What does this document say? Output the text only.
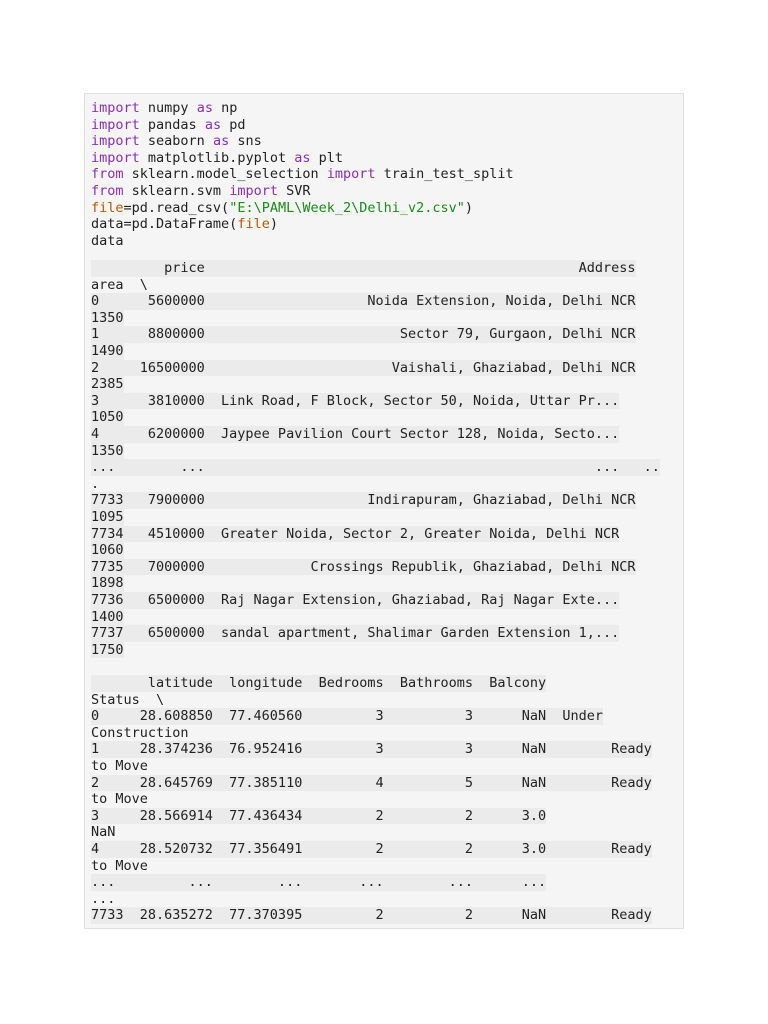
import numpy as np
import pandas as pd
import seaborn as sns
import matplotlib.pyplot as plt
from sklearn.model_selection import train_test_split
from sklearn.svm import SVR
file=pd.read_csv("E:\PAML\Week_2\Delhi_v2.csv")
data=pd.DataFrame(file)
data
price                                              Address
area  \
0      5600000                    Noida Extension, Noida, Delhi NCR
1350
1      8800000                        Sector 79, Gurgaon, Delhi NCR
1490
2     16500000                       Vaishali, Ghaziabad, Delhi NCR
2385
3      3810000  Link Road, F Block, Sector 50, Noida, Uttar Pr...
1050
4      6200000  Jaypee Pavilion Court Sector 128, Noida, Secto...
1350
...        ...                                                ...   ..
.
7733   7900000                    Indirapuram, Ghaziabad, Delhi NCR
1095
7734   4510000  Greater Noida, Sector 2, Greater Noida, Delhi NCR
1060
7735   7000000             Crossings Republik, Ghaziabad, Delhi NCR
1898
7736   6500000  Raj Nagar Extension, Ghaziabad, Raj Nagar Exte...
1400
7737   6500000  sandal apartment, Shalimar Garden Extension 1,...
1750
latitude  longitude  Bedrooms  Bathrooms  Balcony
Status  \
0     28.608850  77.460560         3          3      NaN  Under
Construction
1     28.374236  76.952416         3          3      NaN        Ready
to Move
2     28.645769  77.385110         4          5      NaN        Ready
to Move
3     28.566914  77.436434         2          2      3.0
NaN
4     28.520732  77.356491         2          2      3.0        Ready
to Move
...         ...        ...       ...        ...      ...
...
7733  28.635272  77.370395         2          2      NaN        Ready
